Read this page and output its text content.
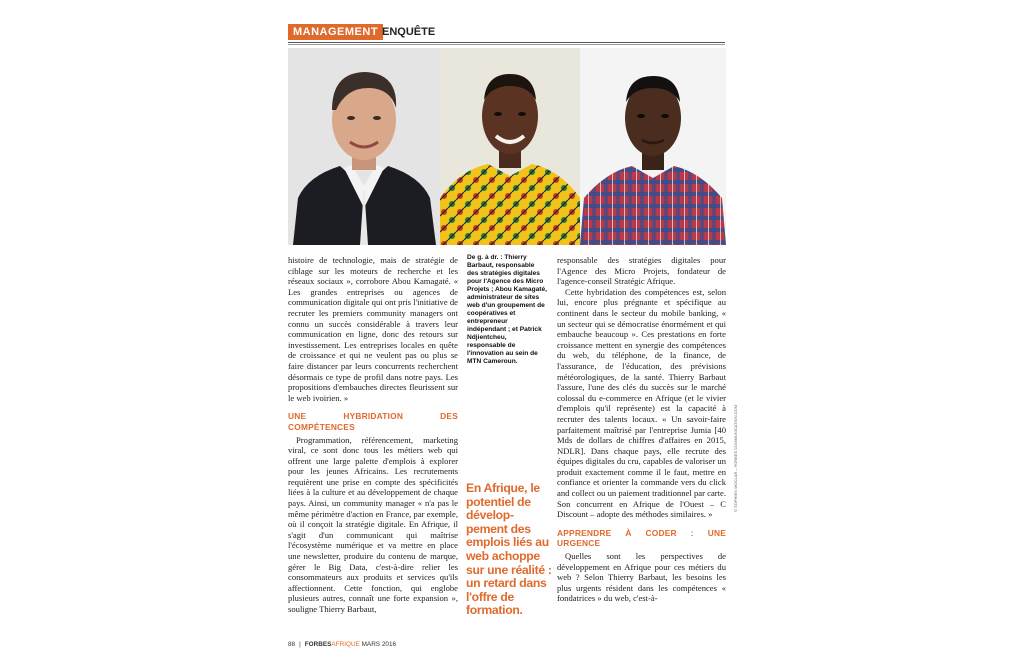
MANAGEMENT ENQUÊTE

histoire de technologie, mais de stratégie de ciblage sur les moteurs de recherche et les réseaux sociaux », corrobore Abou Kamagaté. « Les grandes entreprises ou agences de communication digitale qui ont pris l'initiative de recruter les premiers community managers ont connu un succès considérable à travers leur communication en ligne, donc des retours sur investissement. Les entreprises locales en quête de croissance et qui ne veulent pas ou plus se faire distancer par leurs concurrents recherchent désormais ce type de profil dans notre pays. Les propositions d'embauches directes fleurissent sur le web ivoirien. »

UNE HYBRIDATION DES COMPÉTENCES

Programmation, référencement, marketing viral, ce sont donc tous les métiers web qui offrent une large palette d'emplois à explorer pour les jeunes Africains. Les recrutements requièrent une prise en compte des spécificités liées à la culture et au développement de chaque pays. Ainsi, un community manager « n'a pas le même périmètre d'action en France, par exemple, où il conçoit la stratégie digitale. En Afrique, il s'agit d'un communicant qui maîtrise l'écosystème numérique et va mettre en place une newsletter, produire du contenu de marque, gérer le Big Data, c'est-à-dire relier les consommateurs aux produits et services qu'ils affectionnent. Cette fonction, qui englobe plusieurs autres, connaît une forte expansion », souligne Thierry Barbaut,

De g. à dr. : Thierry Barbaut, responsable des stratégies digitales pour l'Agence des Micro Projets ; Abou Kamagaté, administrateur de sites web d'un groupement de coopératives et entrepreneur indépendant ; et Patrick Ndjientcheu, responsable de l'innovation au sein de MTN Cameroun.
En Afrique, le potentiel de dévelop-pement des emplois liés au web achoppe sur une réalité : un retard dans l'offre de formation.

responsable des stratégies digitales pour l'Agence des Micro Projets, fondateur de l'agence-conseil Stratégic Afrique.

Cette hybridation des compétences est, selon lui, encore plus prégnante et spécifique au continent dans le secteur du mobile banking, « un secteur qui se démocratise énormément et qui embauche beaucoup ». Ces prestations en forte croissance mettent en synergie des compétences du web, du téléphone, de la finance, de l'assurance, de l'éducation, des prévisions météorologiques, de la santé. Thierry Barbaut l'assure, l'une des clés du succès sur le marché colossal du e-commerce en Afrique (et le vivier d'emplois qu'il représente) est la capacité à recruter des talents locaux. « Un savoir-faire parfaitement maîtrisé par l'entreprise Jumia [40 Mds de dollars de chiffres d'affaires en 2015, NDLR]. Dans chaque pays, elle recrute des équipes digitales du cru, capables de valoriser un produit exactement comme il le faut, mettre en confiance et orienter la commande vers du click and collect ou un paiement traditionnel par carte. Son concurrent en Afrique de l'Ouest – C Discount – adopte des méthodes similaires. »

APPRENDRE À CODER : UNE URGENCE

Quelles sont les perspectives de développement en Afrique pour ces métiers du web ? Selon Thierry Barbaut, les besoins les plus urgents résident dans les compétences « fondatrices » du web, c'est-à-

© SOPHIEN MOCLAR – FORBES COMMUNICATION.COM
88 | FORBESAFRIQUE MARS 2016
